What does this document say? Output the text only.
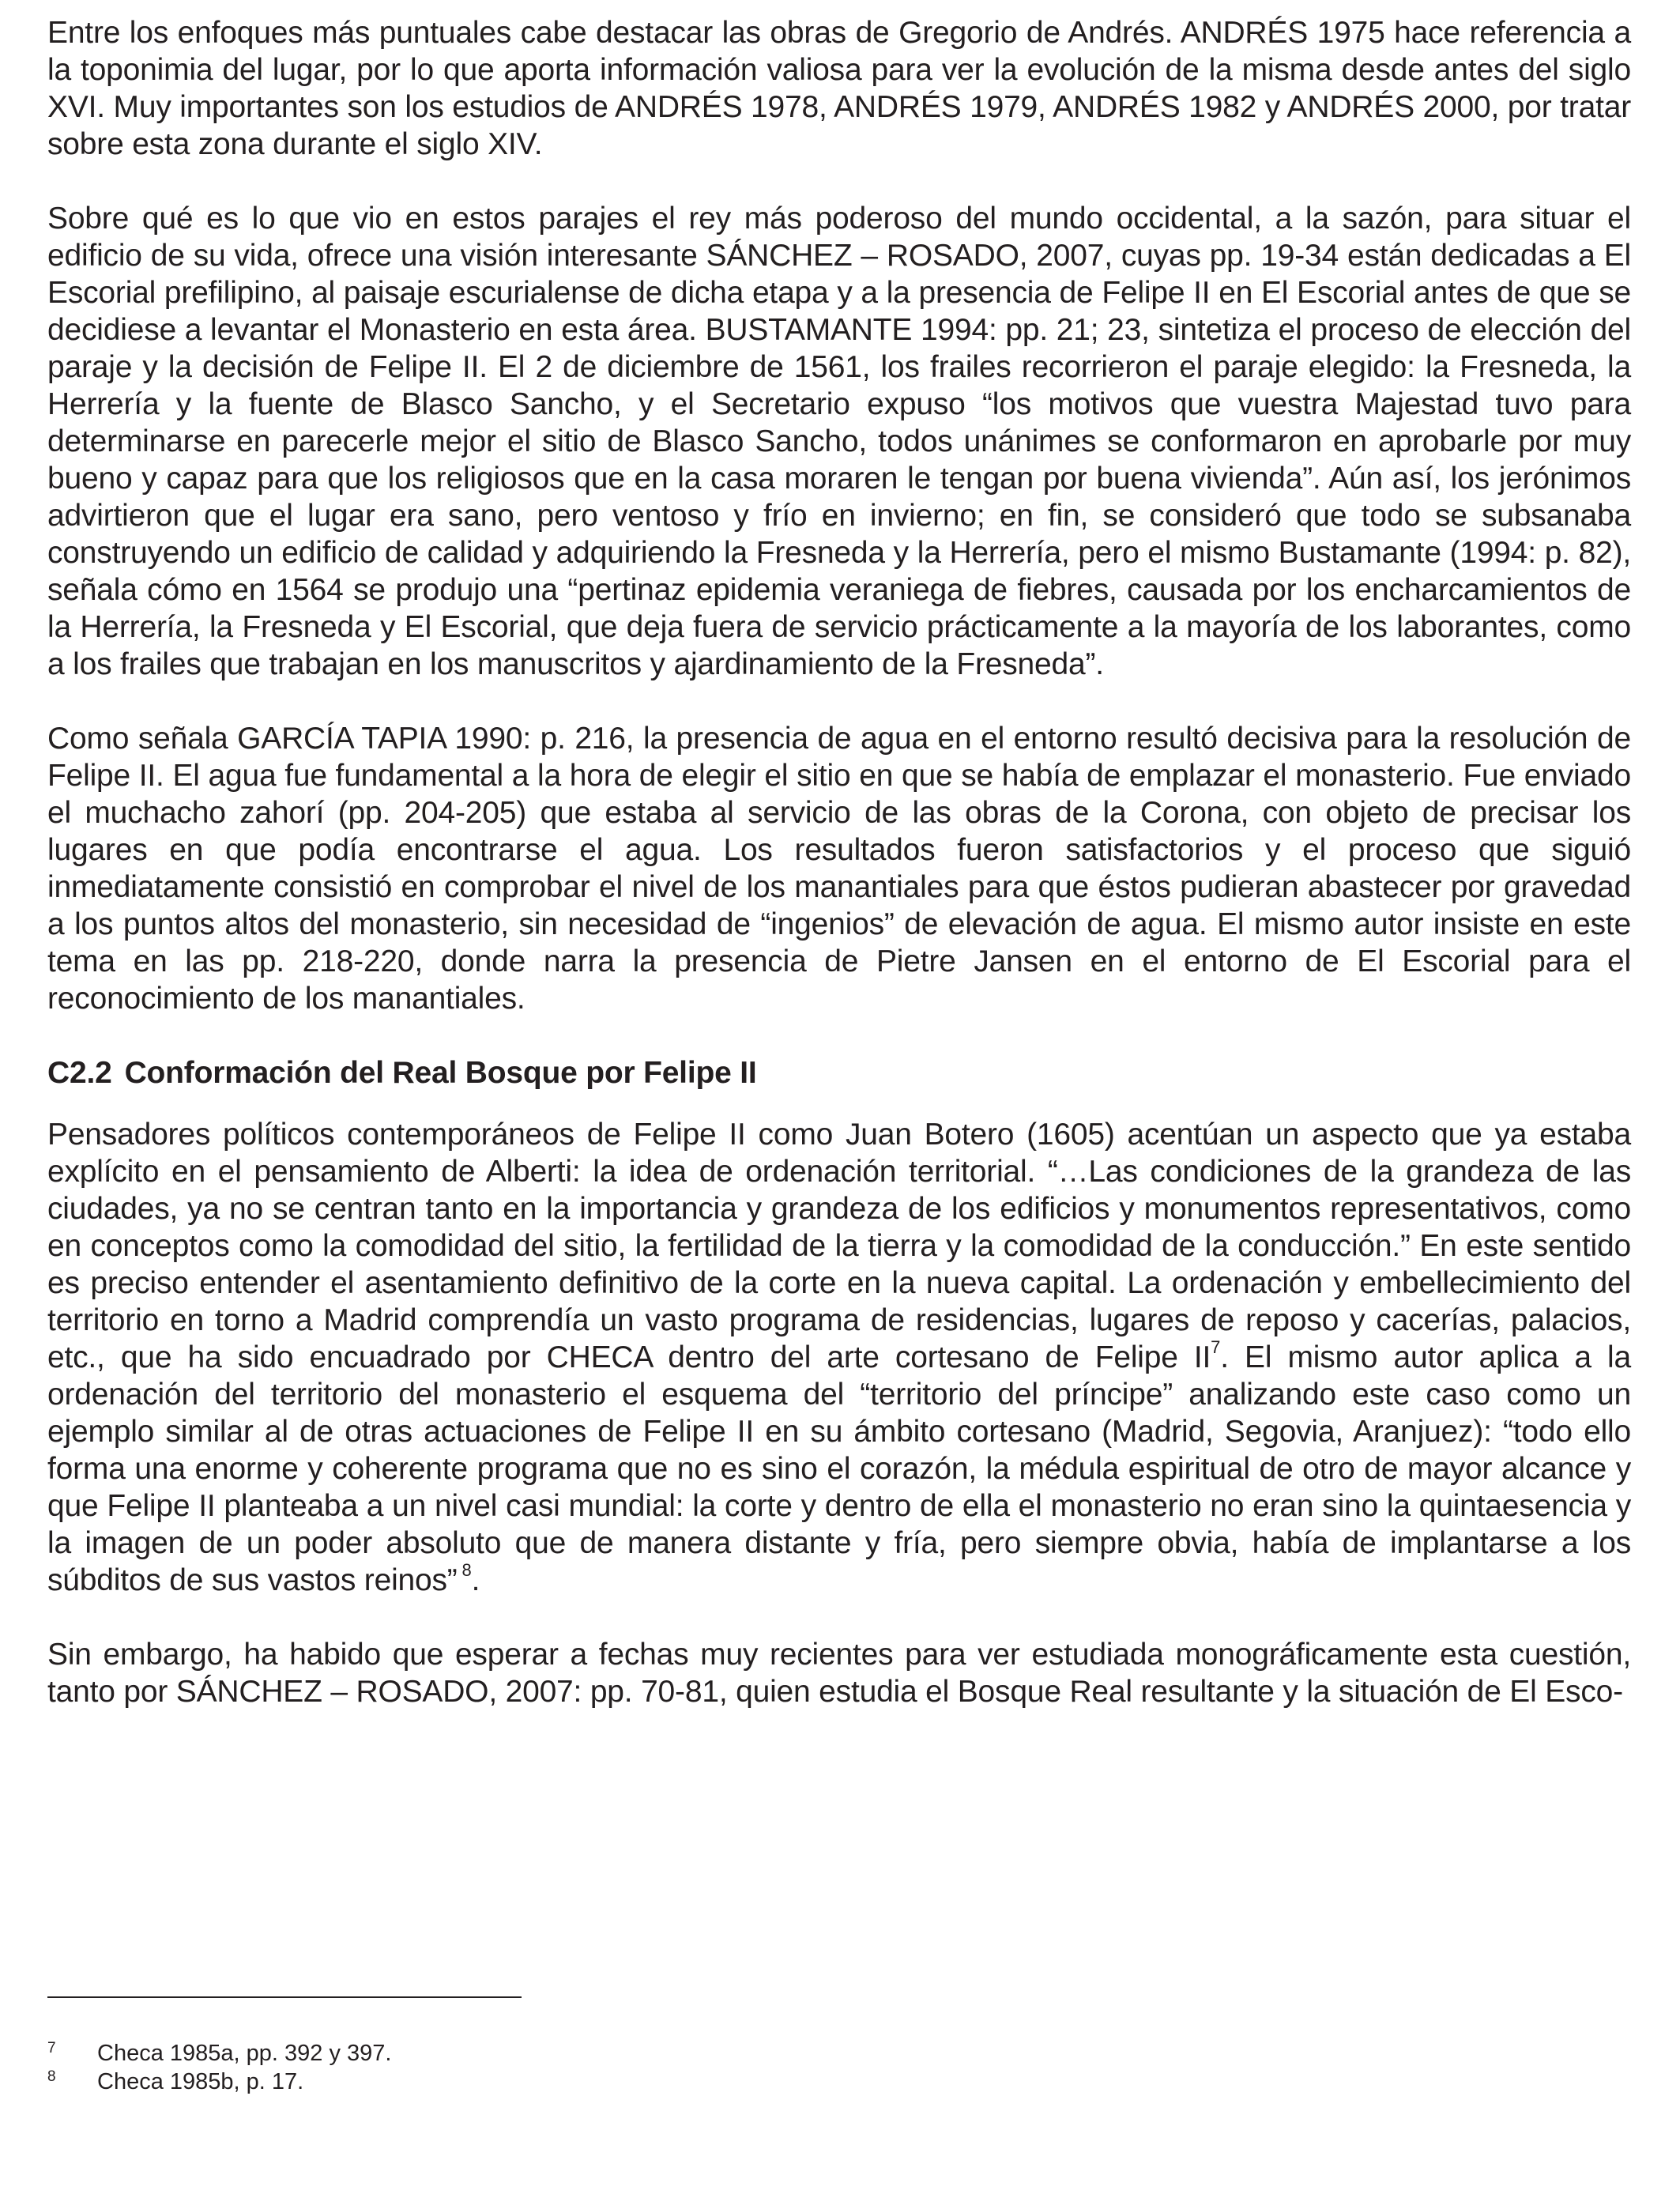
Entre los enfoques más puntuales cabe destacar las obras de Gregorio de Andrés. ANDRÉS 1975 hace referencia a la toponimia del lugar, por lo que aporta información valiosa para ver la evolución de la misma desde antes del siglo XVI. Muy importantes son los estudios de ANDRÉS 1978, ANDRÉS 1979, ANDRÉS 1982 y ANDRÉS 2000, por tratar sobre esta zona durante el siglo XIV.

Sobre qué es lo que vio en estos parajes el rey más poderoso del mundo occidental, a la sazón, para situar el edificio de su vida, ofrece una visión interesante SÁNCHEZ – ROSADO, 2007, cuyas pp. 19-34 están dedicadas a El Escorial prefilipino, al paisaje escurialense de dicha etapa y a la presencia de Felipe II en El Escorial antes de que se decidiese a levantar el Monasterio en esta área. BUSTAMANTE 1994: pp. 21; 23, sintetiza el proceso de elección del paraje y la decisión de Felipe II. El 2 de diciembre de 1561, los frailes recorrieron el paraje elegido: la Fresneda, la Herrería y la fuente de Blasco Sancho, y el Secretario expuso “los motivos que vuestra Majestad tuvo para determinarse en parecerle mejor el sitio de Blasco Sancho, todos unánimes se conformaron en aprobarle por muy bueno y capaz para que los religiosos que en la casa moraren le tengan por buena vivienda”. Aún así, los jerónimos advirtieron que el lugar era sano, pero ventoso y frío en invierno; en fin, se consideró que todo se subsanaba construyendo un edificio de calidad y adquiriendo la Fresneda y la Herrería, pero el mismo Bustamante (1994: p. 82), señala cómo en 1564 se produjo una “pertinaz epidemia veraniega de fiebres, causada por los encharcamientos de la Herrería, la Fresneda y El Escorial, que deja fuera de servicio prácticamente a la mayoría de los laborantes, como a los frailes que trabajan en los manuscritos y ajardinamiento de la Fresneda”.

Como señala GARCÍA TAPIA 1990: p. 216, la presencia de agua en el entorno resultó decisiva para la resolución de Felipe II. El agua fue fundamental a la hora de elegir el sitio en que se había de emplazar el monasterio. Fue enviado el muchacho zahorí (pp. 204-205) que estaba al servicio de las obras de la Corona, con objeto de precisar los lugares en que podía encontrarse el agua. Los resultados fueron satisfactorios y el proceso que siguió inmediatamente consistió en comprobar el nivel de los manantiales para que éstos pudieran abastecer por gravedad a los puntos altos del monasterio, sin necesidad de “ingenios” de elevación de agua. El mismo autor insiste en este tema en las pp. 218-220, donde narra la presencia de Pietre Jansen en el entorno de El Escorial para el reconocimiento de los manantiales.

C2.2 Conformación del Real Bosque por Felipe II

Pensadores políticos contemporáneos de Felipe II como Juan Botero (1605) acentúan un aspecto que ya estaba explícito en el pensamiento de Alberti: la idea de ordenación territorial. “…Las condiciones de la grandeza de las ciudades, ya no se centran tanto en la importancia y grandeza de los edificios y monumentos representativos, como en conceptos como la comodidad del sitio, la fertilidad de la tierra y la comodidad de la conducción.” En este sentido es preciso entender el asentamiento definitivo de la corte en la nueva capital. La ordenación y embellecimiento del territorio en torno a Madrid comprendía un vasto programa de residencias, lugares de reposo y cacerías, palacios, etc., que ha sido encuadrado por CHECA dentro del arte cortesano de Felipe $II^7$. El mismo autor aplica a la ordenación del territorio del monasterio el esquema del “territorio del príncipe” analizando este caso como un ejemplo similar al de otras actuaciones de Felipe II en su ámbito cortesano (Madrid, Segovia, Aranjuez): “todo ello forma una enorme y coherente programa que no es sino el corazón, la médula espiritual de otro de mayor alcance y que Felipe II planteaba a un nivel casi mundial: la corte y dentro de ella el monasterio no eran sino la quintaesencia y la imagen de un poder absoluto que de manera distante y fría, pero siempre obvia, había de implantarse a los súbditos de sus vastos reinos” $^8$.

Sin embargo, ha habido que esperar a fechas muy recientes para ver estudiada monográficamente esta cuestión, tanto por SÁNCHEZ – ROSADO, 2007: pp. 70-81, quien estudia el Bosque Real resultante y la situación de El Esco-

7 Checa 1985a, pp. 392 y 397.
8 Checa 1985b, p. 17.
